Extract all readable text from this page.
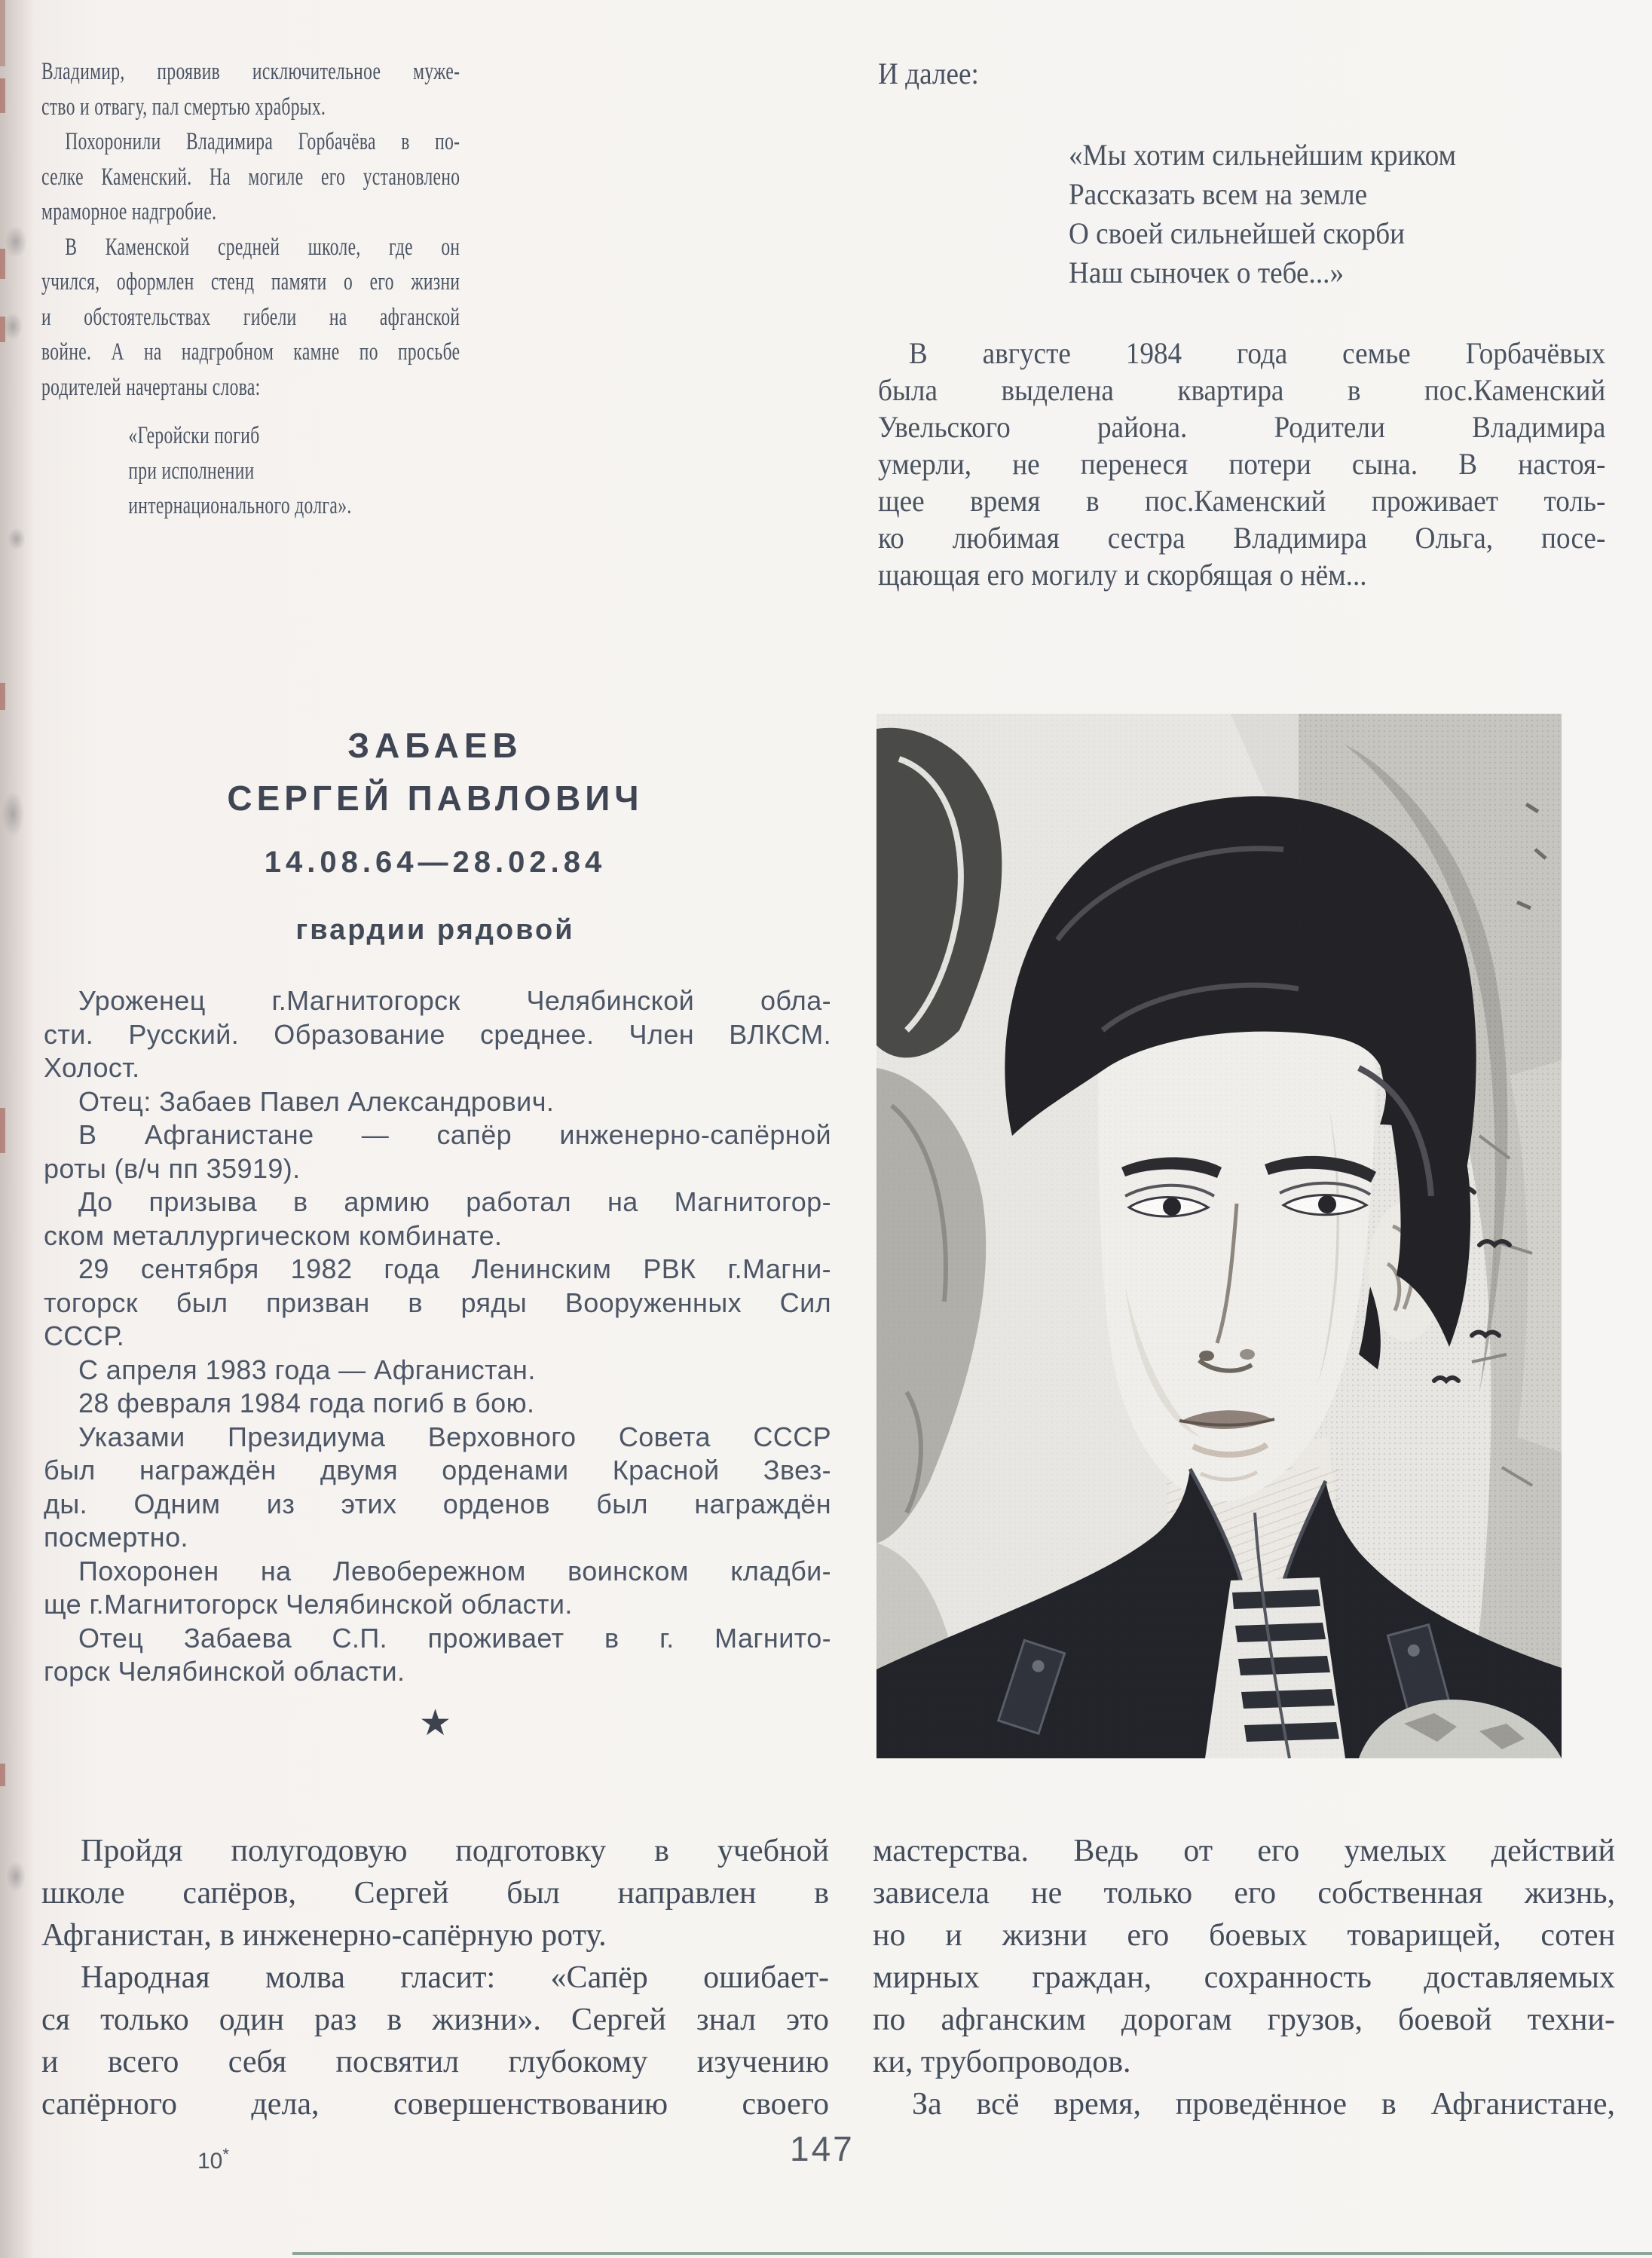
Владимир, проявив исключительное муже-
ство и отвагу, пал смертью храбрых.
Похоронили Владимира Горбачёва в по-
селке Каменский. На могиле его установлено
мраморное надгробие.
В Каменской средней школе, где он
учился, оформлен стенд памяти о его жизни
и обстоятельствах гибели на афганской
войне. А на надгробном камне по просьбе
родителей начертаны слова:
«Геройски погиб
при исполнении
интернационального долга».
И далее:
«Мы хотим сильнейшим криком
Рассказать всем на земле
О своей сильнейшей скорби
Наш сыночек о тебе...»
В августе 1984 года семье Горбачёвых
была выделена квартира в пос.Каменский
Увельского района. Родители Владимира
умерли, не перенеся потери сына. В настоя-
щее время в пос.Каменский проживает толь-
ко любимая сестра Владимира Ольга, посе-
щающая его могилу и скорбящая о нём...
ЗАБАЕВ
СЕРГЕЙ ПАВЛОВИЧ
14.08.64—28.02.84
гвардии рядовой
Уроженец г.Магнитогорск Челябинской обла-
сти. Русский. Образование среднее. Член ВЛКСМ.
Холост.
Отец: Забаев Павел Александрович.
В Афганистане — сапёр инженерно-сапёрной
роты (в/ч пп 35919).
До призыва в армию работал на Магнитогор-
ском металлургическом комбинате.
29 сентября 1982 года Ленинским РВК г.Магни-
тогорск был призван в ряды Вооруженных Сил
СССР.
С апреля 1983 года — Афганистан.
28 февраля 1984 года погиб в бою.
Указами Президиума Верховного Совета СССР
был награждён двумя орденами Красной Звез-
ды. Одним из этих орденов был награждён
посмертно.
Похоронен на Левобережном воинском кладби-
ще г.Магнитогорск Челябинской области.
Отец Забаева С.П. проживает в г. Магнито-
горск Челябинской области.
★
Пройдя полугодовую подготовку в учебной
школе сапёров, Сергей был направлен в
Афганистан, в инженерно-сапёрную роту.
Народная молва гласит: «Сапёр ошибает-
ся только один раз в жизни». Сергей знал это
и всего себя посвятил глубокому изучению
сапёрного дела, совершенствованию своего
мастерства. Ведь от его умелых действий
зависела не только его собственная жизнь,
но и жизни его боевых товарищей, сотен
мирных граждан, сохранность доставляемых
по афганским дорогам грузов, боевой техни-
ки, трубопроводов.
За всё время, проведённое в Афганистане,
10*	147
